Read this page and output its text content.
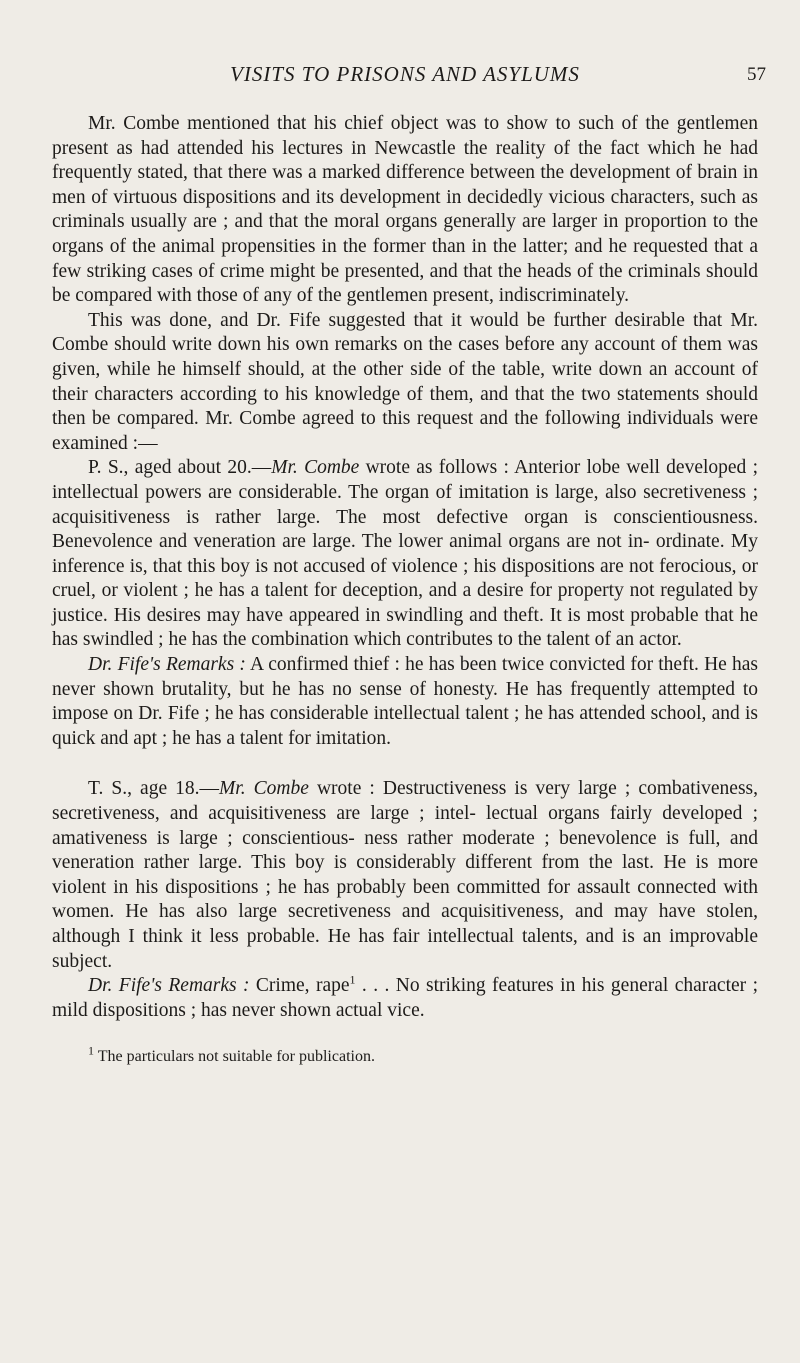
VISITS TO PRISONS AND ASYLUMS	57

Mr. Combe mentioned that his chief object was to show to such of the gentlemen present as had attended his lectures in Newcastle the reality of the fact which he had frequently stated, that there was a marked difference between the development of brain in men of virtuous dispositions and its development in decidedly vicious characters, such as criminals usually are ; and that the moral organs generally are larger in proportion to the organs of the animal propensities in the former than in the latter; and he requested that a few striking cases of crime might be presented, and that the heads of the criminals should be compared with those of any of the gentlemen present, indiscriminately.

This was done, and Dr. Fife suggested that it would be further desirable that Mr. Combe should write down his own remarks on the cases before any account of them was given, while he himself should, at the other side of the table, write down an account of their characters according to his knowledge of them, and that the two statements should then be compared. Mr. Combe agreed to this request and the following individuals were examined :—

P. S., aged about 20.—Mr. Combe wrote as follows : Anterior lobe well developed ; intellectual powers are considerable. The organ of imitation is large, also secretiveness ; acquisitiveness is rather large. The most defective organ is conscientiousness. Benevolence and veneration are large. The lower animal organs are not in- ordinate. My inference is, that this boy is not accused of violence ; his dispositions are not ferocious, or cruel, or violent ; he has a talent for deception, and a desire for property not regulated by justice. His desires may have appeared in swindling and theft. It is most probable that he has swindled ; he has the combination which contributes to the talent of an actor.

Dr. Fife's Remarks : A confirmed thief : he has been twice convicted for theft. He has never shown brutality, but he has no sense of honesty. He has frequently attempted to impose on Dr. Fife ; he has considerable intellectual talent ; he has attended school, and is quick and apt ; he has a talent for imitation.

T. S., age 18.—Mr. Combe wrote : Destructiveness is very large ; combativeness, secretiveness, and acquisitiveness are large ; intel- lectual organs fairly developed ; amativeness is large ; conscientious- ness rather moderate ; benevolence is full, and veneration rather large. This boy is considerably different from the last. He is more violent in his dispositions ; he has probably been committed for assault connected with women. He has also large secretiveness and acquisitiveness, and may have stolen, although I think it less probable. He has fair intellectual talents, and is an improvable subject.

Dr. Fife's Remarks : Crime, rape$^1$ . . . No striking features in his general character ; mild dispositions ; has never shown actual vice.

$^1$ The particulars not suitable for publication.
